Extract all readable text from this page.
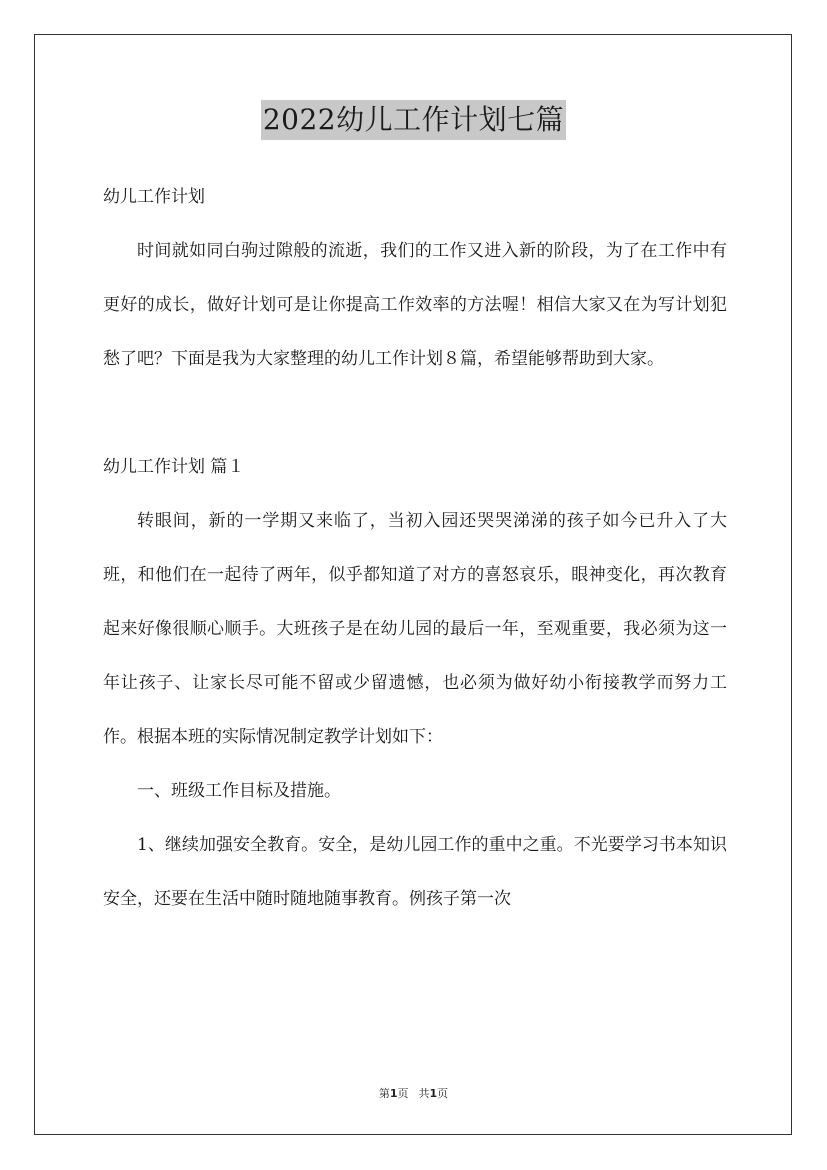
2022幼儿工作计划七篇

幼儿工作计划

时间就如同白驹过隙般的流逝，我们的工作又进入新的阶段，为了在工作中有更好的成长，做好计划可是让你提高工作效率的方法喔！相信大家又在为写计划犯愁了吧？下面是我为大家整理的幼儿工作计划８篇，希望能够帮助到大家。

幼儿工作计划 篇１

转眼间，新的一学期又来临了，当初入园还哭哭涕涕的孩子如今已升入了大班，和他们在一起待了两年，似乎都知道了对方的喜怒哀乐，眼神变化，再次教育起来好像很顺心顺手。大班孩子是在幼儿园的最后一年，至观重要，我必须为这一年让孩子、让家长尽可能不留或少留遗憾，也必须为做好幼小衔接教学而努力工作。根据本班的实际情况制定教学计划如下：

一、班级工作目标及措施。

1、继续加强安全教育。安全，是幼儿园工作的重中之重。不光要学习书本知识安全，还要在生活中随时随地随事教育。例孩子第一次

第1页 共1页
